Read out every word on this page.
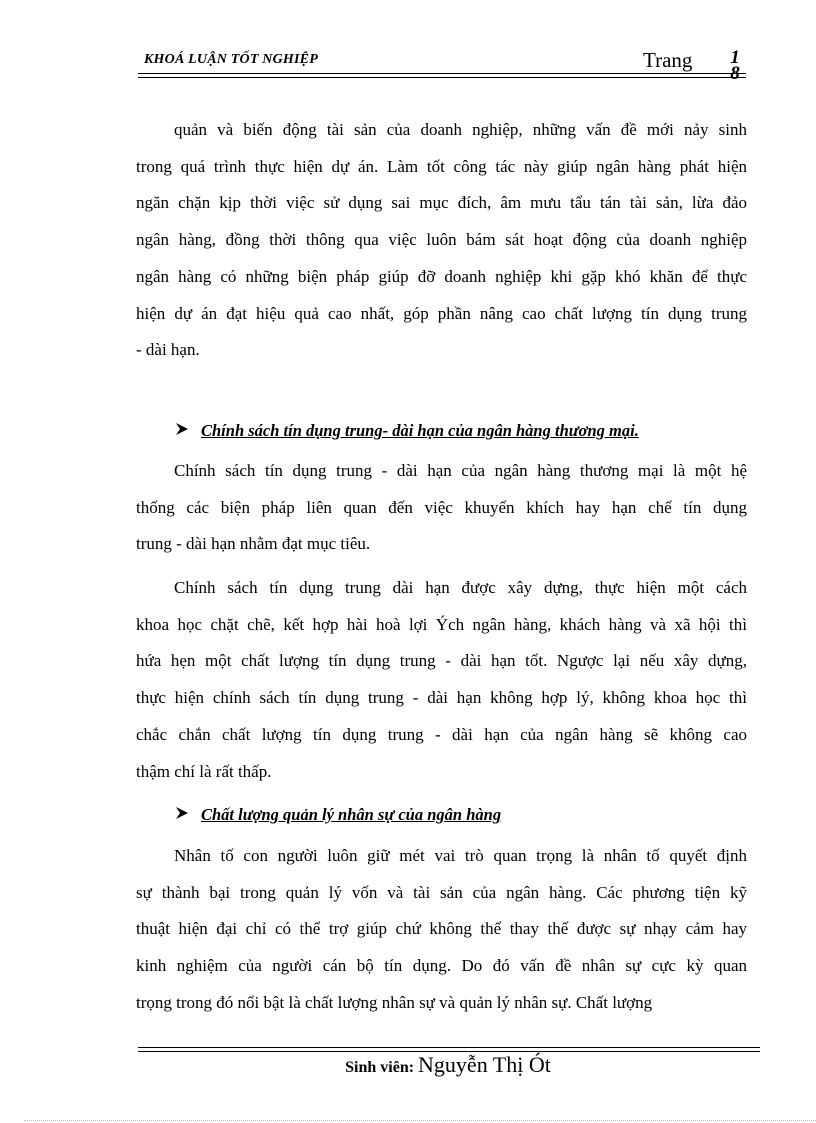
KHOÁ LUẬN TỐT NGHIỆP	Trang 1
8
quản và biến động tài sản của doanh nghiệp, những vấn đề mới nảy sinh
trong quá trình thực hiện dự án. Làm tốt công tác này giúp ngân hàng phát hiện
ngăn chặn kịp thời việc sử dụng sai mục đích, âm mưu tẩu tán tài sản, lừa đảo
ngân hàng, đồng thời thông qua việc luôn bám sát hoạt động của doanh nghiệp
ngân hàng có những biện pháp giúp đỡ doanh nghiệp khi gặp khó khăn để thực
hiện dự án đạt hiệu quả cao nhất, góp phần nâng cao chất lượng tín dụng trung
- dài hạn.
Chính sách tín dụng trung- dài hạn của ngân hàng thương mại.
Chính sách tín dụng trung - dài hạn của ngân hàng thương mại là một hệ
thống các biện pháp liên quan đến việc khuyến khích hay hạn chế tín dụng
trung - dài hạn nhằm đạt mục tiêu.
Chính sách tín dụng trung dài hạn được xây dựng, thực hiện một cách
khoa học chặt chẽ, kết hợp hài hoà lợi Ých ngân hàng, khách hàng và xã hội thì
hứa hẹn một chất lượng tín dụng trung - dài hạn tốt. Ngược lại nếu xây dựng,
thực hiện chính sách tín dụng trung - dài hạn không hợp lý, không khoa học thì
chắc chắn chất lượng tín dụng trung - dài hạn của ngân hàng sẽ không cao
thậm chí là rất thấp.
Chất lượng quản lý nhân sự của ngân hàng
Nhân tố con người luôn giữ mét vai trò quan trọng là nhân tố quyết định
sự thành bại trong quản lý vốn và tài sản của ngân hàng. Các phương tiện kỹ
thuật hiện đại chỉ có thể trợ giúp chứ không thể thay thế được sự nhạy cảm hay
kinh nghiệm của người cán bộ tín dụng. Do đó vấn đề nhân sự cực kỳ quan
trọng trong đó nổi bật là chất lượng nhân sự và quản lý nhân sự. Chất lượng
Sinh viên: Nguyễn Thị Ót
